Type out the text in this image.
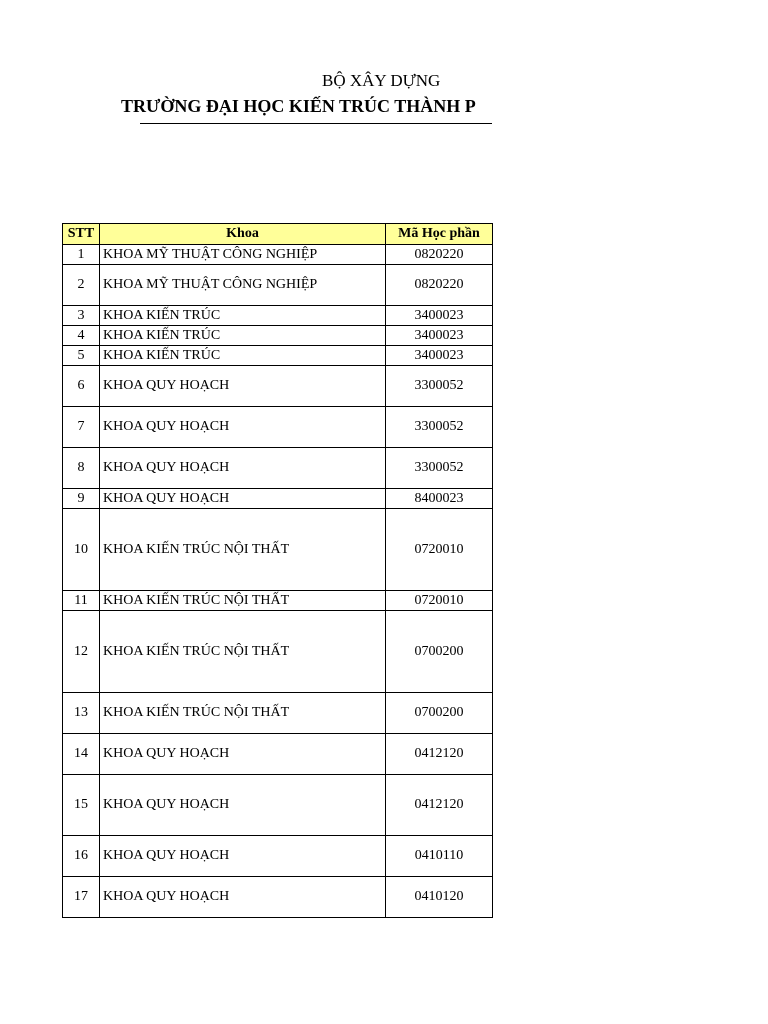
BỘ XÂY DỰNG
TRƯỜNG ĐẠI HỌC KIẾN TRÚC THÀNH P
STT	Khoa	Mã Học phần
1	KHOA MỸ THUẬT CÔNG NGHIỆP	0820220
2	KHOA MỸ THUẬT CÔNG NGHIỆP	0820220
3	KHOA KIẾN TRÚC	3400023
4	KHOA KIẾN TRÚC	3400023
5	KHOA KIẾN TRÚC	3400023
6	KHOA QUY HOẠCH	3300052
7	KHOA QUY HOẠCH	3300052
8	KHOA QUY HOẠCH	3300052
9	KHOA QUY HOẠCH	8400023
10	KHOA KIẾN TRÚC NỘI THẤT	0720010
11	KHOA KIẾN TRÚC NỘI THẤT	0720010
12	KHOA KIẾN TRÚC NỘI THẤT	0700200
13	KHOA KIẾN TRÚC NỘI THẤT	0700200
14	KHOA QUY HOẠCH	0412120
15	KHOA QUY HOẠCH	0412120
16	KHOA QUY HOẠCH	0410110
17	KHOA QUY HOẠCH	0410120
